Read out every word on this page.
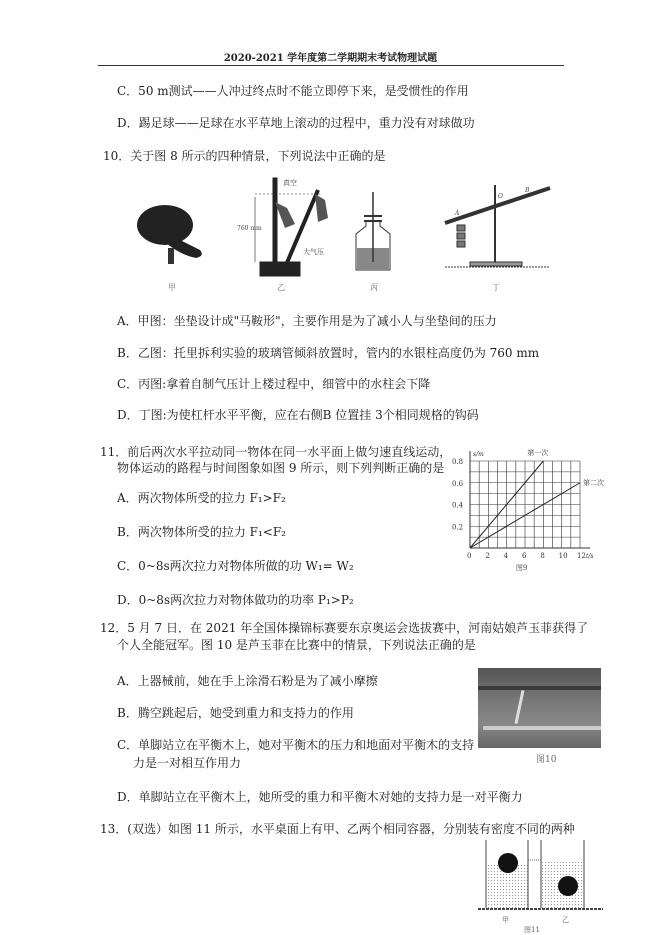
2020-2021 学年度第二学期期末考试物理试题
C．50 m测试——人冲过终点时不能立即停下来，是受惯性的作用
D．踢足球——足球在水平草地上滚动的过程中，重力没有对球做功
10．关于图 8 所示的四种情景，下列说法中正确的是
甲
真空
760 mm
大气压
乙	丙
A
O
B
丁
A．甲图：坐垫设计成"马鞍形"，主要作用是为了减小人与坐垫间的压力
B．乙图：托里拆利实验的玻璃管倾斜放置时，管内的水银柱高度仍为 760 mm
C．丙图:拿着自制气压计上楼过程中，细管中的水柱会下降
D．丁图:为使杠杆水平平衡，应在右侧B 位置挂 3个相同规格的钩码
11．前后两次水平拉动同一物体在同一水平面上做匀速直线运动，
物体运动的路程与时间图象如图 9 所示，则下列判断正确的是
A．两次物体所受的拉力 F₁>F₂
B．两次物体所受的拉力 F₁<F₂
C．0~8s两次拉力对物体所做的功 W₁= W₂
D．0~8s两次拉力对物体做功的功率 P₁>P₂
0 2 4 6 8 10 12
0.2
0.4
0.6
0.8
s/m
t/s
第一次
第二次
图9
12．5 月 7 日．在 2021 年全国体操锦标赛要东京奥运会选拔赛中，河南姑娘芦玉菲获得了
个人全能冠军。图 10 是芦玉菲在比赛中的情景，下列说法正确的是
A．上器械前，她在手上涂滑石粉是为了减小摩擦
B．腾空跳起后，她受到重力和支持力的作用
C．单脚站立在平衡木上，她对平衡木的压力和地面对平衡木的支持
力是一对相互作用力
D．单脚站立在平衡木上，她所受的重力和平衡木对她的支持力是一对平衡力
图10
13．(双选）如图 11 所示，水平桌面上有甲、乙两个相同容器，分别装有密度不同的两种
甲	乙
图11
